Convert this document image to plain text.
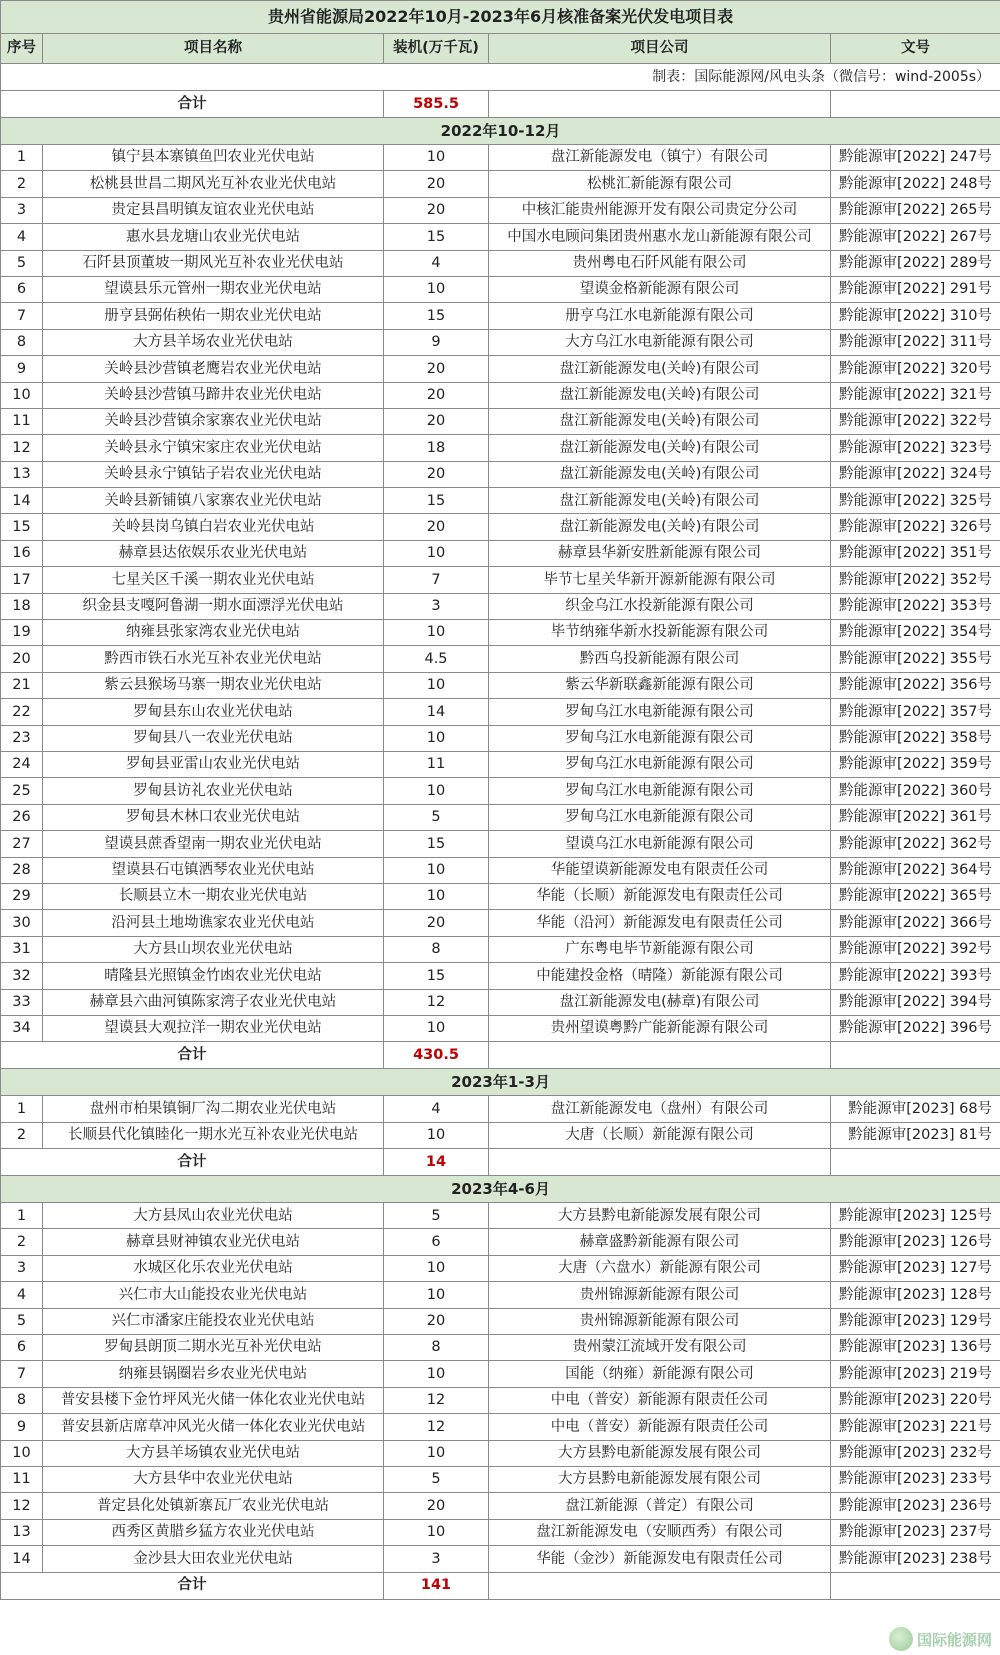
贵州省能源局2022年10月-2023年6月核准备案光伏发电项目表				
序号	项目名称	装机(万千瓦)	项目公司	文号
制表：国际能源网/风电头条（微信号：wind-2005s）				
合计		585.5		
2022年10-12月				
1	镇宁县本寨镇鱼凹农业光伏电站	10	盘江新能源发电（镇宁）有限公司	黔能源审[2022] 247号
2	松桃县世昌二期风光互补农业光伏电站	20	松桃汇新能源有限公司	黔能源审[2022] 248号
3	贵定县昌明镇友谊农业光伏电站	20	中核汇能贵州能源开发有限公司贵定分公司	黔能源审[2022] 265号
4	惠水县龙塘山农业光伏电站	15	中国水电顾问集团贵州惠水龙山新能源有限公司	黔能源审[2022] 267号
5	石阡县顶董坡一期风光互补农业光伏电站	4	贵州粤电石阡风能有限公司	黔能源审[2022] 289号
6	望谟县乐元管州一期农业光伏电站	10	望谟金格新能源有限公司	黔能源审[2022] 291号
7	册亨县弼佑秧佑一期农业光伏电站	15	册亨乌江水电新能源有限公司	黔能源审[2022] 310号
8	大方县羊场农业光伏电站	9	大方乌江水电新能源有限公司	黔能源审[2022] 311号
9	关岭县沙营镇老鹰岩农业光伏电站	20	盘江新能源发电(关岭)有限公司	黔能源审[2022] 320号
10	关岭县沙营镇马蹄井农业光伏电站	20	盘江新能源发电(关岭)有限公司	黔能源审[2022] 321号
11	关岭县沙营镇余家寨农业光伏电站	20	盘江新能源发电(关岭)有限公司	黔能源审[2022] 322号
12	关岭县永宁镇宋家庄农业光伏电站	18	盘江新能源发电(关岭)有限公司	黔能源审[2022] 323号
13	关岭县永宁镇钻子岩农业光伏电站	20	盘江新能源发电(关岭)有限公司	黔能源审[2022] 324号
14	关岭县新铺镇八家寨农业光伏电站	15	盘江新能源发电(关岭)有限公司	黔能源审[2022] 325号
15	关岭县岗乌镇白岩农业光伏电站	20	盘江新能源发电(关岭)有限公司	黔能源审[2022] 326号
16	赫章县达依娱乐农业光伏电站	10	赫章县华新安胜新能源有限公司	黔能源审[2022] 351号
17	七星关区千溪一期农业光伏电站	7	毕节七星关华新开源新能源有限公司	黔能源审[2022] 352号
18	织金县支嘎阿鲁湖一期水面漂浮光伏电站	3	织金乌江水投新能源有限公司	黔能源审[2022] 353号
19	纳雍县张家湾农业光伏电站	10	毕节纳雍华新水投新能源有限公司	黔能源审[2022] 354号
20	黔西市铁石水光互补农业光伏电站	4.5	黔西乌投新能源有限公司	黔能源审[2022] 355号
21	紫云县猴场马寨一期农业光伏电站	10	紫云华新联鑫新能源有限公司	黔能源审[2022] 356号
22	罗甸县东山农业光伏电站	14	罗甸乌江水电新能源有限公司	黔能源审[2022] 357号
23	罗甸县八一农业光伏电站	10	罗甸乌江水电新能源有限公司	黔能源审[2022] 358号
24	罗甸县亚雷山农业光伏电站	11	罗甸乌江水电新能源有限公司	黔能源审[2022] 359号
25	罗甸县访礼农业光伏电站	10	罗甸乌江水电新能源有限公司	黔能源审[2022] 360号
26	罗甸县木林口农业光伏电站	5	罗甸乌江水电新能源有限公司	黔能源审[2022] 361号
27	望谟县蔗香望南一期农业光伏电站	15	望谟乌江水电新能源有限公司	黔能源审[2022] 362号
28	望谟县石屯镇洒琴农业光伏电站	10	华能望谟新能源发电有限责任公司	黔能源审[2022] 364号
29	长顺县立木一期农业光伏电站	10	华能（长顺）新能源发电有限责任公司	黔能源审[2022] 365号
30	沿河县土地坳谯家农业光伏电站	20	华能（沿河）新能源发电有限责任公司	黔能源审[2022] 366号
31	大方县山坝农业光伏电站	8	广东粤电毕节新能源有限公司	黔能源审[2022] 392号
32	晴隆县光照镇金竹凼农业光伏电站	15	中能建投金格（晴隆）新能源有限公司	黔能源审[2022] 393号
33	赫章县六曲河镇陈家湾子农业光伏电站	12	盘江新能源发电(赫章)有限公司	黔能源审[2022] 394号
34	望谟县大观拉洋一期农业光伏电站	10	贵州望谟粤黔广能新能源有限公司	黔能源审[2022] 396号
合计		430.5		
2023年1-3月				
1	盘州市柏果镇铜厂沟二期农业光伏电站	4	盘江新能源发电（盘州）有限公司	黔能源审[2023] 68号
2	长顺县代化镇睦化一期水光互补农业光伏电站	10	大唐（长顺）新能源有限公司	黔能源审[2023] 81号
合计		14		
2023年4-6月				
1	大方县凤山农业光伏电站	5	大方县黔电新能源发展有限公司	黔能源审[2023] 125号
2	赫章县财神镇农业光伏电站	6	赫章盛黔新能源有限公司	黔能源审[2023] 126号
3	水城区化乐农业光伏电站	10	大唐（六盘水）新能源有限公司	黔能源审[2023] 127号
4	兴仁市大山能投农业光伏电站	10	贵州锦源新能源有限公司	黔能源审[2023] 128号
5	兴仁市潘家庄能投农业光伏电站	20	贵州锦源新能源有限公司	黔能源审[2023] 129号
6	罗甸县朗顶二期水光互补光伏电站	8	贵州蒙江流域开发有限公司	黔能源审[2023] 136号
7	纳雍县锅圈岩乡农业光伏电站	10	国能（纳雍）新能源有限公司	黔能源审[2023] 219号
8	普安县楼下金竹坪风光火储一体化农业光伏电站	12	中电（普安）新能源有限责任公司	黔能源审[2023] 220号
9	普安县新店席草冲风光火储一体化农业光伏电站	12	中电（普安）新能源有限责任公司	黔能源审[2023] 221号
10	大方县羊场镇农业光伏电站	10	大方县黔电新能源发展有限公司	黔能源审[2023] 232号
11	大方县华中农业光伏电站	5	大方县黔电新能源发展有限公司	黔能源审[2023] 233号
12	普定县化处镇新寨瓦厂农业光伏电站	20	盘江新能源（普定）有限公司	黔能源审[2023] 236号
13	西秀区黄腊乡猛方农业光伏电站	10	盘江新能源发电（安顺西秀）有限公司	黔能源审[2023] 237号
14	金沙县大田农业光伏电站	3	华能（金沙）新能源发电有限责任公司	黔能源审[2023] 238号
合计		141		
国际能源网
